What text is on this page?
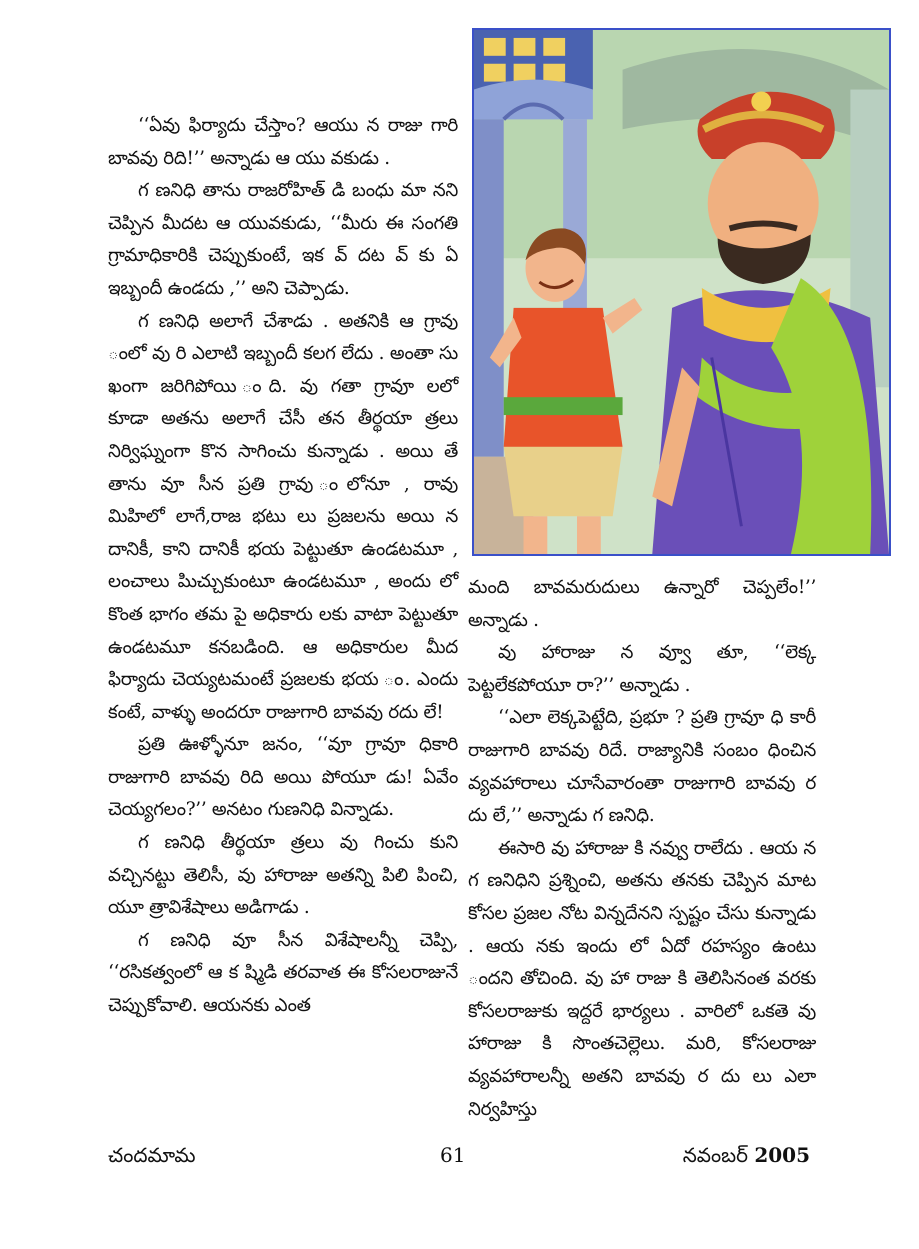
‘‘ఏవు ఫిర్యాదు చేస్తాం? ఆయు న రాజు గారి బావవు రిది!’’ అన్నాడు ఆ యు వకుడు .

గ ణనిధి తాను రాజరోహిత్ డి బంధు మా నని చెప్పిన మీదట ఆ యువకుడు, ‘‘మీరు ఈ సంగతి గ్రామాధికారికి చెప్పుకుంటే, ఇక వ్ దట వ్ కు ఏ ఇబ్బందీ ఉండదు ,’’ అని చెప్పాడు.

గ ణనిధి అలాగే చేశాడు . అతనికి ఆ గ్రావు ంలో వు రి ఎలాటి ఇబ్బందీ కలగ లేదు . అంతా సు ఖంగా జరిగిపోయి ంది. వు గతా గ్రావూ లలో కూడా అతను అలాగే చేసీ తన తీర్థయా త్రలు నిర్విఘ్నంగా కొన సాగించు కున్నాడు . అయి తే తాను వూ సీన ప్రతి గ్రావు ంలోనూ , రావు మిహిలో లాగే,రాజ భటు లు ప్రజలను అయి న దానికీ, కాని దానికీ భయ పెట్టుతూ ఉండటమూ , లంచాలు పిుచ్చుకుంటూ ఉండటమూ , అందు లో కొంత భాగం తమ పై అధికారు లకు వాటా పెట్టుతూ ఉండటమూ కనబడింది. ఆ అధికారుల మీద ఫిర్యాదు చెయ్యటమంటే ప్రజలకు భయ ం. ఎందు కంటే, వాళ్ళు అందరూ రాజుగారి బావవు రదు లే!

ప్రతి ఊళ్ళోనూ జనం, ‘‘వూ గ్రావూ ధికారి రాజుగారి బావవు రిది అయి పోయూ డు! ఏవేం చెయ్యగలం?’’ అనటం గుణనిధి విన్నాడు.

గ ణనిధి తీర్థయా త్రలు వు గించు కుని వచ్చినట్టు తెలిసీ, వు హారాజు అతన్ని పిలి పించి, యూ త్రావిశేషాలు అడిగాడు .

గ ణనిధి వూ సీన విశేషాలన్నీ చెప్పి, ‘‘రసికత్వంలో ఆ క ష్మిడి తరవాత ఈ కోసలరాజునే చెప్పుకోవాలి. ఆయనకు ఎంత

మంది బావమరుదులు ఉన్నారో చెప్పలేం!’’ అన్నాడు .

వు హారాజు న వ్వూ తూ, ‘‘లెక్క పెట్టలేకపోయూ రా?’’ అన్నాడు .

‘‘ఎలా లెక్కపెట్టేది, ప్రభూ ? ప్రతి గ్రావూ ధి కారీ రాజుగారి బావవు రిదే. రాజ్యానికి సంబం ధించిన వ్యవహారాలు చూసేవారంతా రాజుగారి బావవు ర దు లే,’’ అన్నాడు గ ణనిధి.

ఈసారి వు హారాజు కి నవ్వు రాలేదు . ఆయ న గ ణనిధిని ప్రశ్నించి, అతను తనకు చెప్పిన మాట కోసల ప్రజల నోట విన్నదేనని స్పష్టం చేసు కున్నాడు . ఆయ నకు ఇందు లో ఏదో రహస్యం ఉంటు ందని తోచింది. వు హా రాజు కి తెలిసినంత వరకు కోసలరాజుకు ఇద్దరే భార్యలు . వారిలో ఒకతె వు హారాజు కి సొంతచెల్లెలు. మరి, కోసలరాజు వ్యవహారాలన్నీ అతని బావవు ర దు లు ఎలా నిర్వహిస్తు

చందమామ	61	నవంబర్ 2005
